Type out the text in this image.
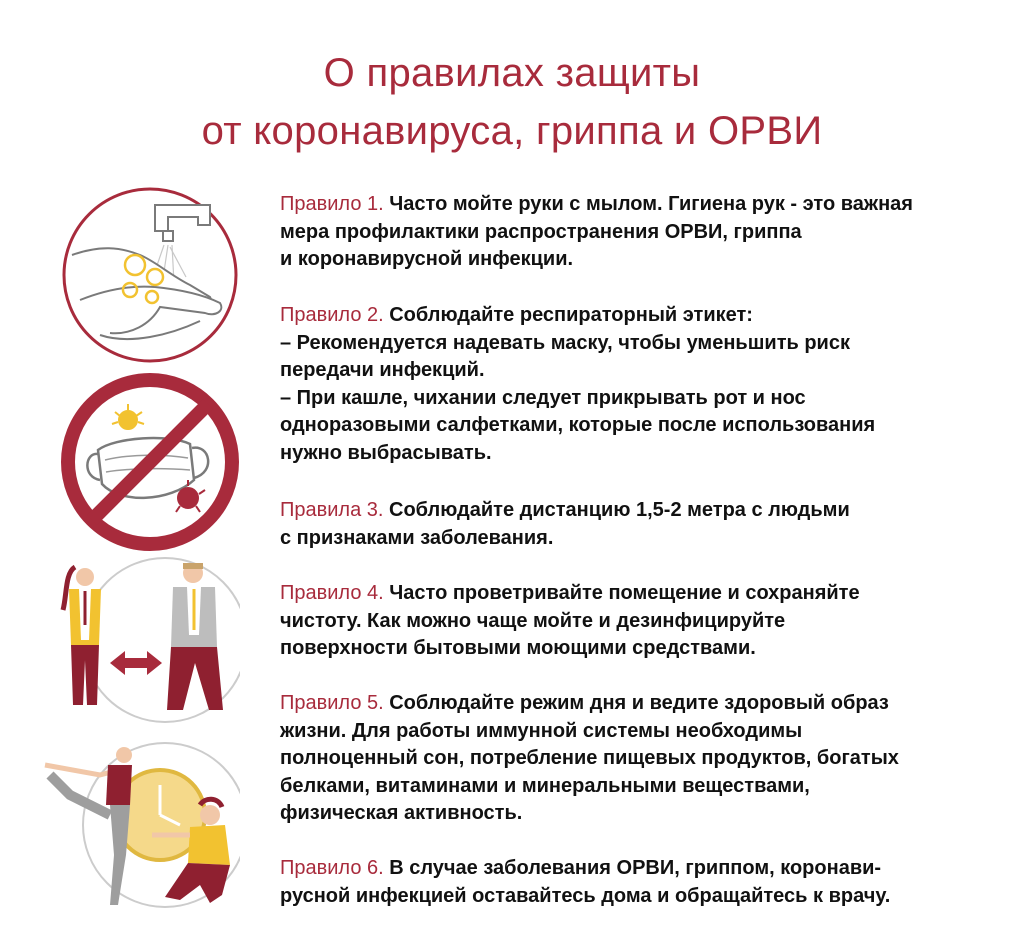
О правилах защиты
от коронавируса, гриппа и ОРВИ
Правило 1. Часто мойте руки с мылом. Гигиена рук - это важная
мера профилактики распространения ОРВИ, гриппа
и коронавирусной инфекции.
Правило 2. Соблюдайте респираторный этикет:
– Рекомендуется надевать маску, чтобы уменьшить риск
передачи инфекций.
– При кашле, чихании следует прикрывать рот и нос
одноразовыми салфетками, которые после использования
нужно выбрасывать.
Правила 3. Соблюдайте дистанцию 1,5-2 метра с людьми
с признаками заболевания.
Правило 4. Часто проветривайте помещение и сохраняйте
чистоту. Как можно чаще мойте и дезинфицируйте
поверхности бытовыми моющими средствами.
Правило 5. Соблюдайте режим дня и ведите здоровый образ
жизни. Для работы иммунной системы необходимы
полноценный сон, потребление пищевых продуктов, богатых
белками, витаминами и минеральными веществами,
физическая активность.
Правило 6. В случае заболевания ОРВИ, гриппом, коронави-
русной инфекцией оставайтесь дома и обращайтесь к врачу.
